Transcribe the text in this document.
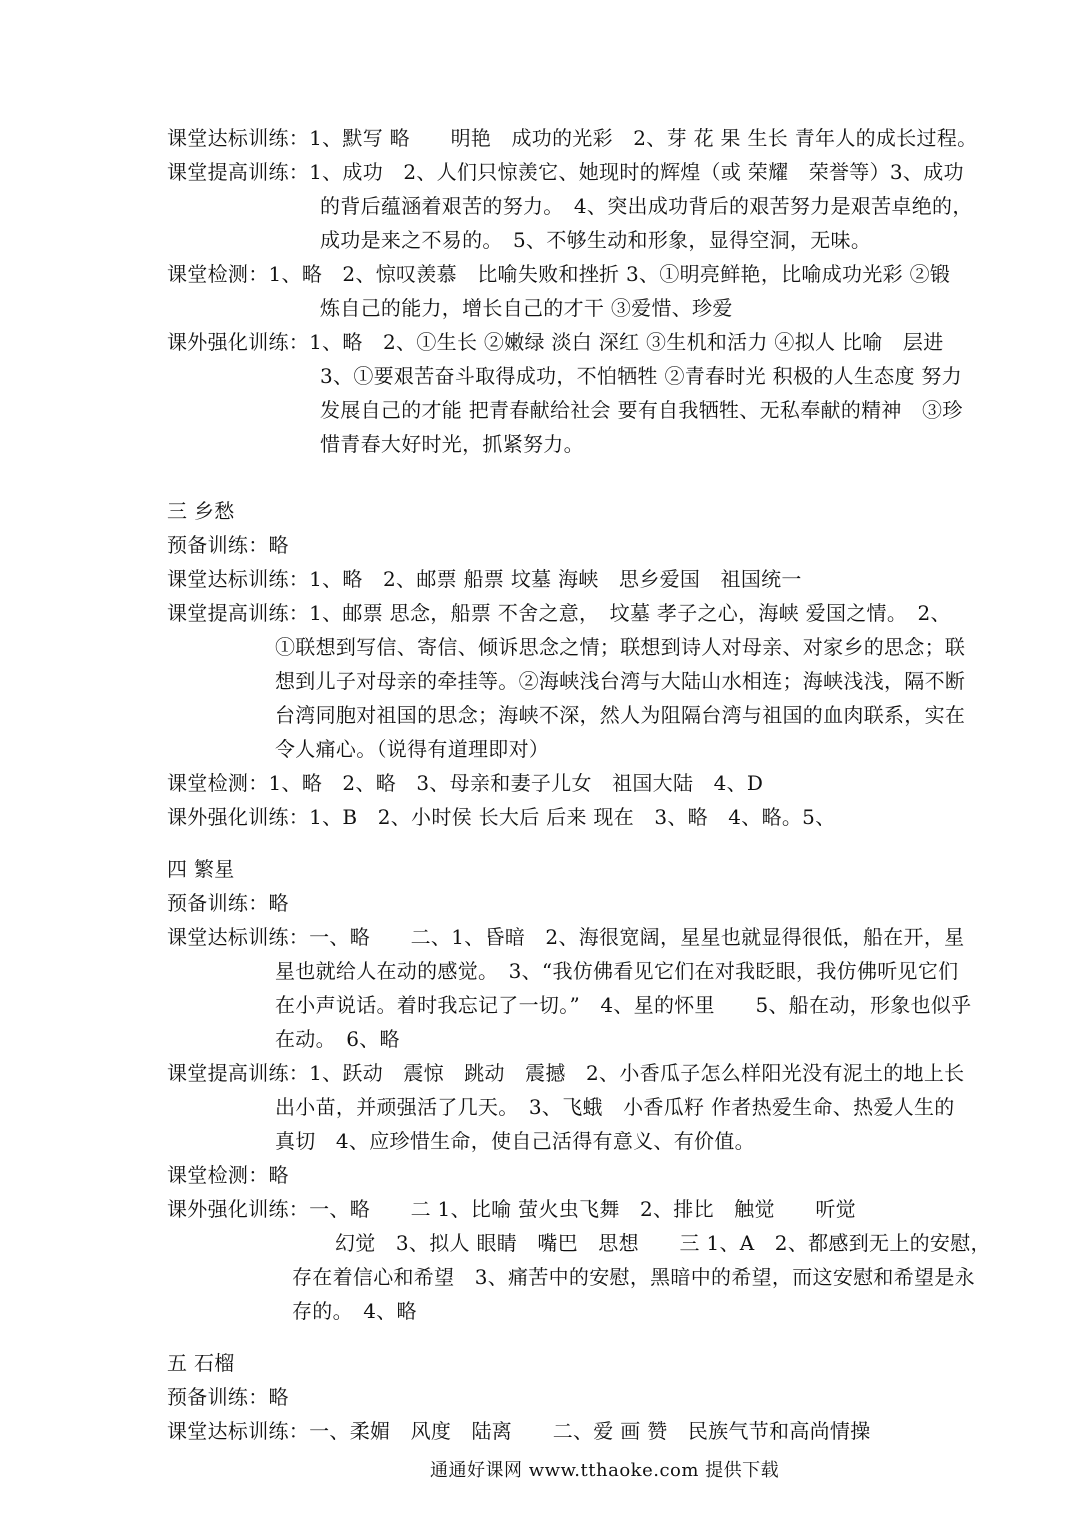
课堂达标训练：1、默写 略　　明艳　成功的光彩　2、芽 花 果 生长 青年人的成长过程。

课堂提高训练：1、成功　2、人们只惊羡它、她现时的辉煌（或 荣耀　荣誉等）3、成功

的背后蕴涵着艰苦的努力。　4、突出成功背后的艰苦努力是艰苦卓绝的，

成功是来之不易的。　5、不够生动和形象，显得空洞，无味。

课堂检测：1、略　2、惊叹羡慕　比喻失败和挫折 3、①明亮鲜艳，比喻成功光彩 ②锻

炼自己的能力，增长自己的才干 ③爱惜、珍爱

课外强化训练：1、略　2、①生长 ②嫩绿 淡白 深红 ③生机和活力 ④拟人 比喻　层进

3、①要艰苦奋斗取得成功，不怕牺牲 ②青春时光 积极的人生态度 努力

发展自己的才能 把青春献给社会 要有自我牺牲、无私奉献的精神　③珍

惜青春大好时光，抓紧努力。

三 乡愁

预备训练：略

课堂达标训练：1、略　2、邮票 船票 坟墓 海峡　思乡爱国　祖国统一

课堂提高训练：1、邮票 思念，船票 不舍之意，　坟墓 孝子之心，海峡 爱国之情。　2、

①联想到写信、寄信、倾诉思念之情；联想到诗人对母亲、对家乡的思念；联

想到儿子对母亲的牵挂等。②海峡浅台湾与大陆山水相连；海峡浅浅，隔不断

台湾同胞对祖国的思念；海峡不深，然人为阻隔台湾与祖国的血肉联系，实在

令人痛心。（说得有道理即对）

课堂检测：1、略　2、略　3、母亲和妻子儿女　祖国大陆　4、D

课外强化训练：1、B　2、小时侯 长大后 后来 现在　3、略　4、略。5、

四 繁星

预备训练：略

课堂达标训练：一、略　　二、1、昏暗　2、海很宽阔，星星也就显得很低，船在开，星

星也就给人在动的感觉。　3、“我仿佛看见它们在对我眨眼，我仿佛听见它们

在小声说话。着时我忘记了一切。”　4、星的怀里　　5、船在动，形象也似乎

在动。　6、略

课堂提高训练：1、跃动　震惊　跳动　震撼　2、小香瓜子怎么样阳光没有泥土的地上长

出小苗，并顽强活了几天。　3、飞蛾　小香瓜籽 作者热爱生命、热爱人生的

真切　4、应珍惜生命，使自己活得有意义、有价值。

课堂检测：略

课外强化训练：一、略　　二 1、比喻 萤火虫飞舞　2、排比　触觉　　听觉

幻觉　3、拟人 眼睛　嘴巴　思想　　三 1、A　2、都感到无上的安慰，

存在着信心和希望　3、痛苦中的安慰，黑暗中的希望，而这安慰和希望是永

存的。　4、略

五 石榴

预备训练：略

课堂达标训练：一、柔媚　风度　陆离　　二、爱 画 赞　民族气节和高尚情操

通通好课网 www.tthaoke.com 提供下载
